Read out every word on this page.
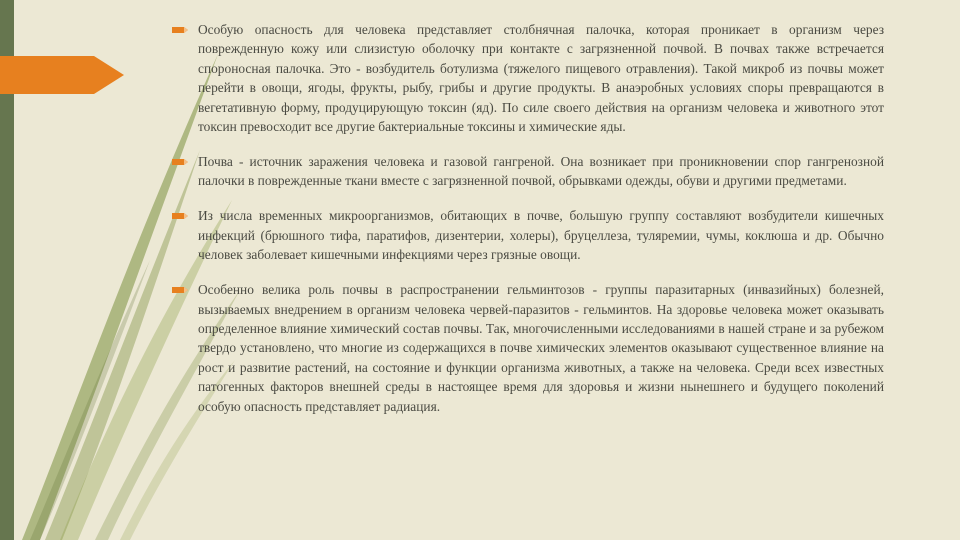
Особую опасность для человека представляет столбнячная палочка, которая проникает в организм через поврежденную кожу или слизистую оболочку при контакте с загрязненной почвой. В почвах также встречается спороносная палочка. Это - возбудитель ботулизма (тяжелого пищевого отравления). Такой микроб из почвы может перейти в овощи, ягоды, фрукты, рыбу, грибы и другие продукты. В анаэробных условиях споры превращаются в вегетативную форму, продуцирующую токсин (яд). По силе своего действия на организм человека и животного этот токсин превосходит все другие бактериальные токсины и химические яды.

Почва - источник заражения человека и газовой гангреной. Она возникает при проникновении спор гангренозной палочки в поврежденные ткани вместе с загрязненной почвой, обрывками одежды, обуви и другими предметами.

Из числа временных микроорганизмов, обитающих в почве, большую группу составляют возбудители кишечных инфекций (брюшного тифа, паратифов, дизентерии, холеры), бруцеллеза, туляремии, чумы, коклюша и др. Обычно человек заболевает кишечными инфекциями через грязные овощи.

Особенно велика роль почвы в распространении гельминтозов - группы паразитарных (инвазийных) болезней, вызываемых внедрением в организм человека червей-паразитов - гельминтов. На здоровье человека может оказывать определенное влияние химический состав почвы. Так, многочисленными исследованиями в нашей стране и за рубежом твердо установлено, что многие из содержащихся в почве химических элементов оказывают существенное влияние на рост и развитие растений, на состояние и функции организма животных, а также на человека. Среди всех известных патогенных факторов внешней среды в настоящее время для здоровья и жизни нынешнего и будущего поколений особую опасность представляет радиация.
